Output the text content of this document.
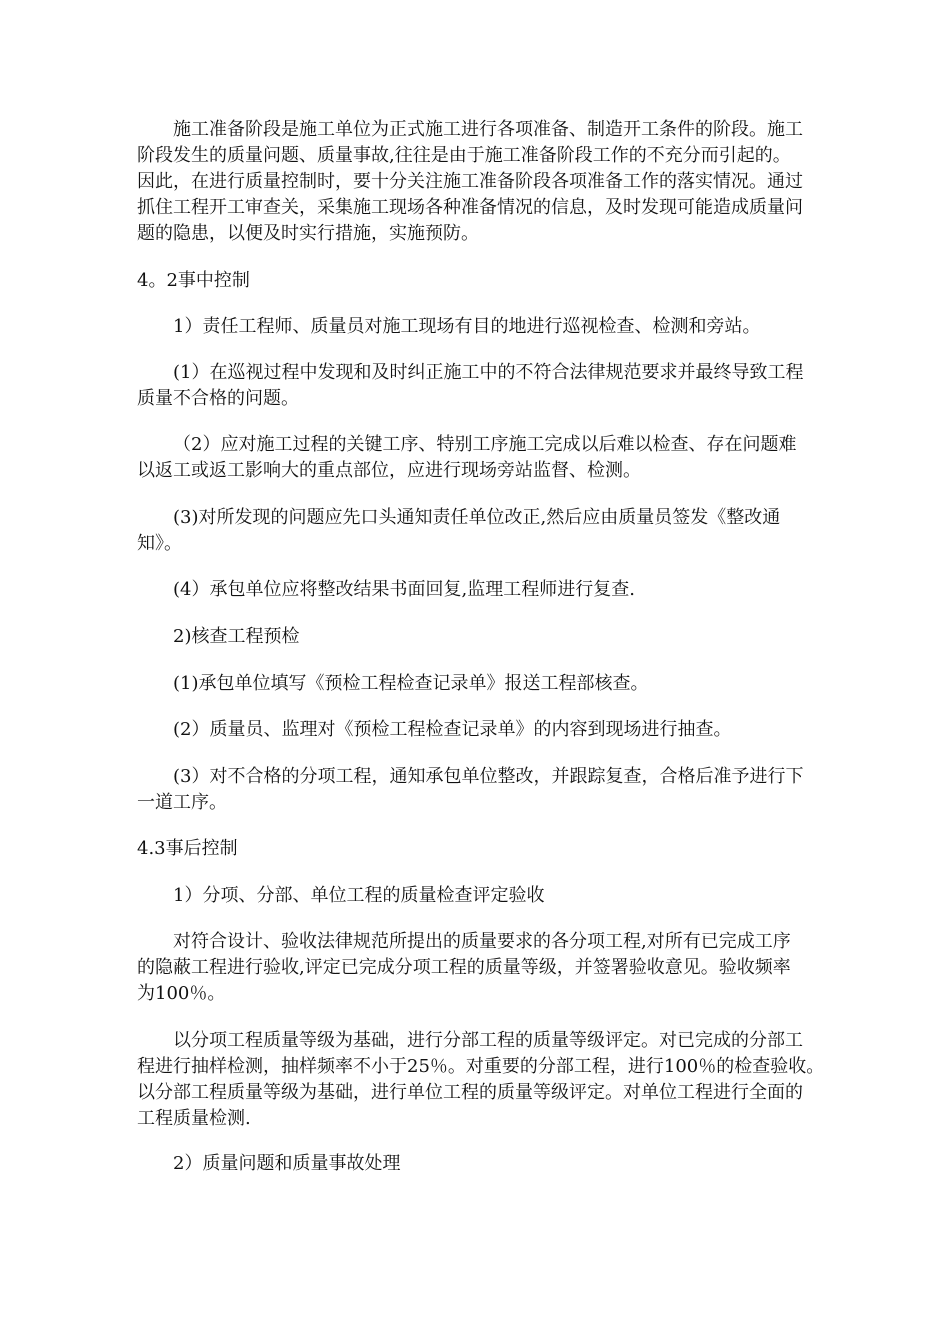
施工准备阶段是施工单位为正式施工进行各项准备、制造开工条件的阶段。施工
阶段发生的质量问题、质量事故,往往是由于施工准备阶段工作的不充分而引起的。
因此，在进行质量控制时，要十分关注施工准备阶段各项准备工作的落实情况。通过
抓住工程开工审查关，采集施工现场各种准备情况的信息，及时发现可能造成质量问
题的隐患，以便及时实行措施，实施预防。

4。2事中控制

1）责任工程师、质量员对施工现场有目的地进行巡视检查、检测和旁站。

(1）在巡视过程中发现和及时纠正施工中的不符合法律规范要求并最终导致工程
质量不合格的问题。

（2）应对施工过程的关键工序、特别工序施工完成以后难以检查、存在问题难
以返工或返工影响大的重点部位，应进行现场旁站监督、检测。

(3)对所发现的问题应先口头通知责任单位改正,然后应由质量员签发《整改通
知》。

(4）承包单位应将整改结果书面回复,监理工程师进行复查.

2)核查工程预检

(1)承包单位填写《预检工程检查记录单》报送工程部核查。

(2）质量员、监理对《预检工程检查记录单》的内容到现场进行抽查。

(3）对不合格的分项工程，通知承包单位整改，并跟踪复查，合格后准予进行下
一道工序。

4.3事后控制

1）分项、分部、单位工程的质量检查评定验收

对符合设计、验收法律规范所提出的质量要求的各分项工程,对所有已完成工序
的隐蔽工程进行验收,评定已完成分项工程的质量等级，并签署验收意见。验收频率
为100％。

以分项工程质量等级为基础，进行分部工程的质量等级评定。对已完成的分部工
程进行抽样检测，抽样频率不小于25％。对重要的分部工程，进行100％的检查验收。
以分部工程质量等级为基础，进行单位工程的质量等级评定。对单位工程进行全面的
工程质量检测.

2）质量问题和质量事故处理
